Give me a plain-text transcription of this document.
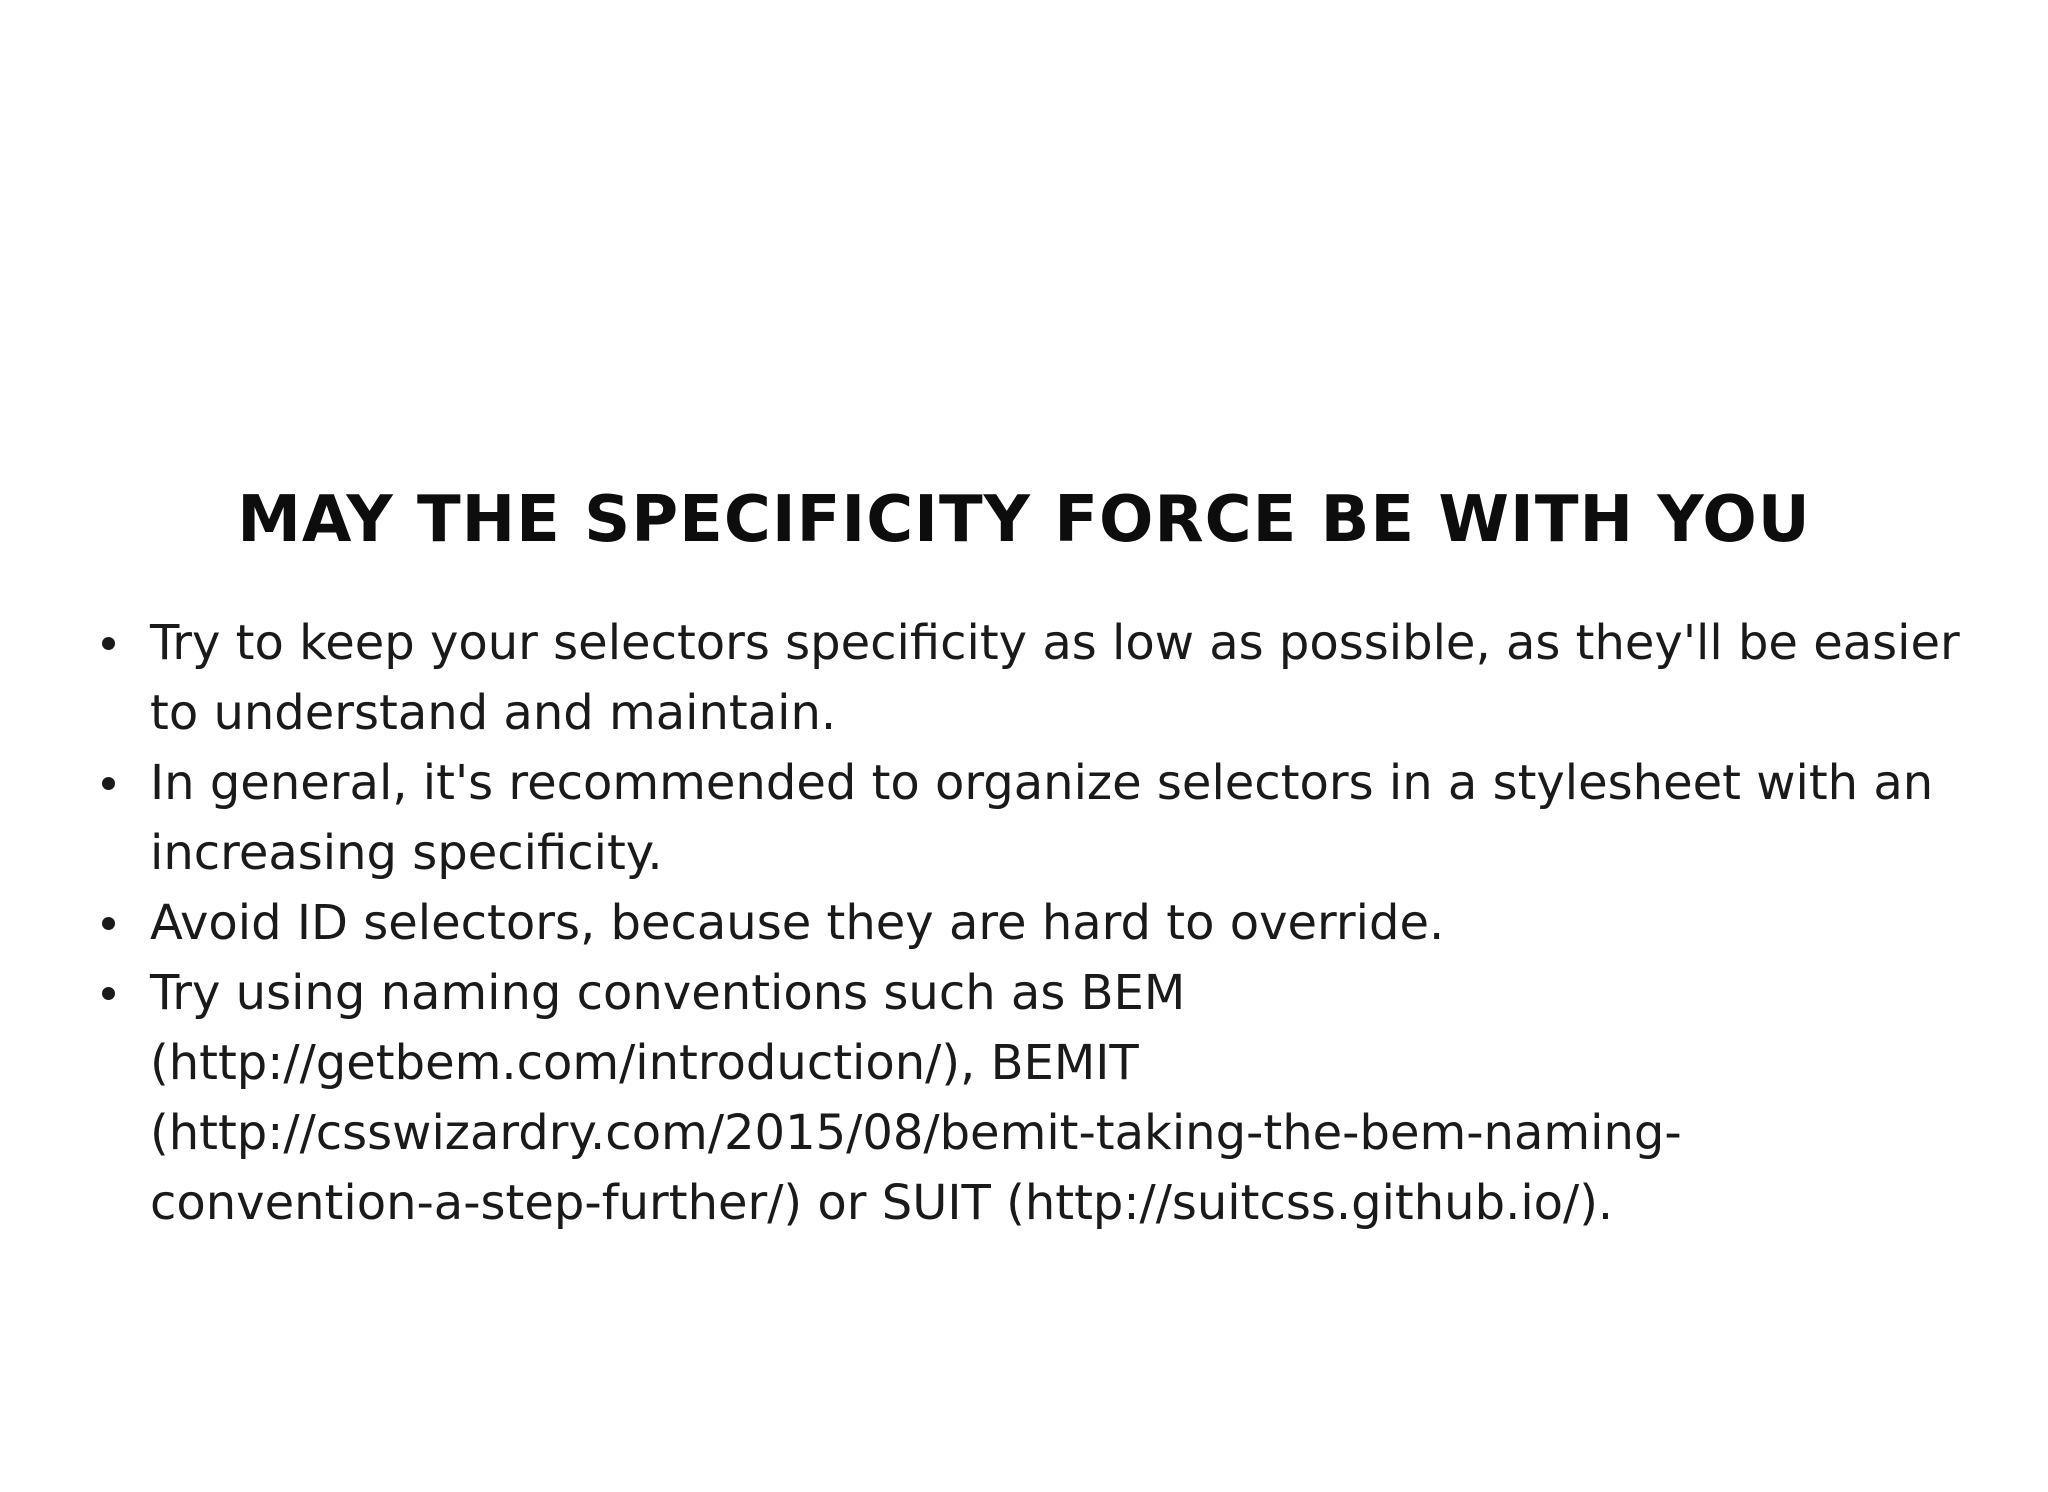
MAY THE SPECIFICITY FORCE BE WITH YOU
Try to keep your selectors specificity as low as possible, as they'll be easier to understand and maintain.
In general, it's recommended to organize selectors in a stylesheet with an increasing specificity.
Avoid ID selectors, because they are hard to override.
Try using naming conventions such as BEM (http://getbem.com/introduction/), BEMIT (http://csswizardry.com/2015/08/bemit-taking-the-bem-naming-convention-a-step-further/) or SUIT (http://suitcss.github.io/).
